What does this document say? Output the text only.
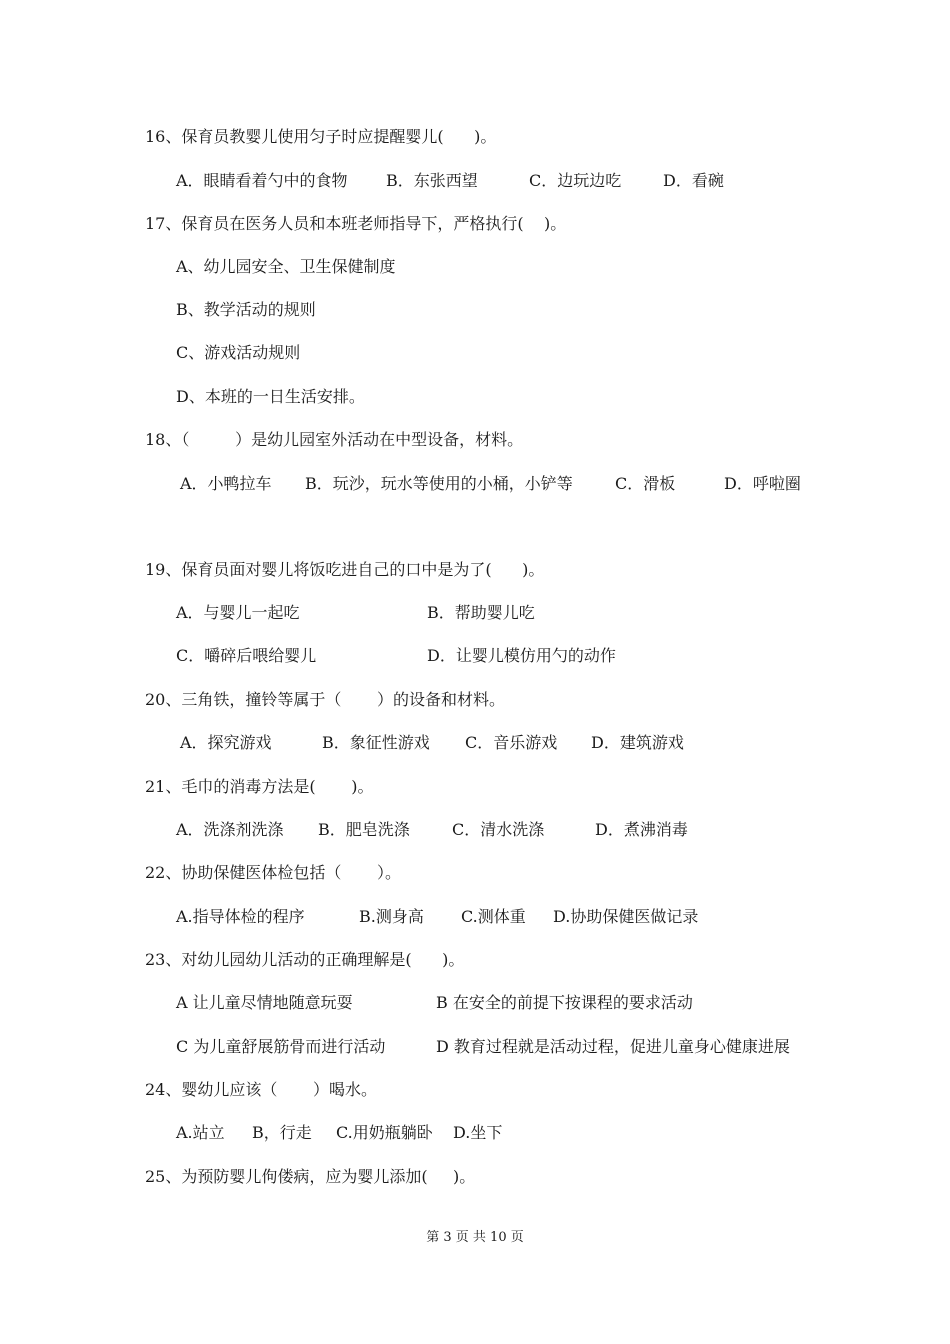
16、保育员教婴儿使用匀子时应提醒婴儿(      )。
A．眼睛看着勺中的食物 B．东张西望	C．边玩边吃	D．看碗
17、保育员在医务人员和本班老师指导下，严格执行(    )。
A、幼儿园安全、卫生保健制度
B、教学活动的规则
C、游戏活动规则
D、本班的一日生活安排。
18、（         ）是幼儿园室外活动在中型设备，材料。
A．小鸭拉车 B．玩沙，玩水等使用的小桶，小铲等	C．滑板	D．呼啦圈
19、保育员面对婴儿将饭吃进自己的口中是为了(      )。
A．与婴儿一起吃	B．帮助婴儿吃
C．嚼碎后喂给婴儿	D．让婴儿模仿用勺的动作
20、三角铁，撞铃等属于（       ）的设备和材料。
A．探究游戏	B．象征性游戏 C．音乐游戏 D．建筑游戏
21、毛巾的消毒方法是(       )。
A．洗涤剂洗涤 B．肥皂洗涤	C．清水洗涤	D．煮沸消毒
22、协助保健医体检包括（       ）。
A.指导体检的程序	B.测身高 C.测体重 D.协助保健医做记录
23、对幼儿园幼儿活动的正确理解是(      )。
A 让儿童尽情地随意玩耍	B 在安全的前提下按课程的要求活动
C 为儿童舒展筋骨而进行活动	D 教育过程就是活动过程，促进儿童身心健康进展
24、婴幼儿应该（       ）喝水。
A.站立 B，行走 C.用奶瓶躺卧 D.坐下
25、为预防婴儿佝偻病，应为婴儿添加(     )。
第 3 页 共 10 页
